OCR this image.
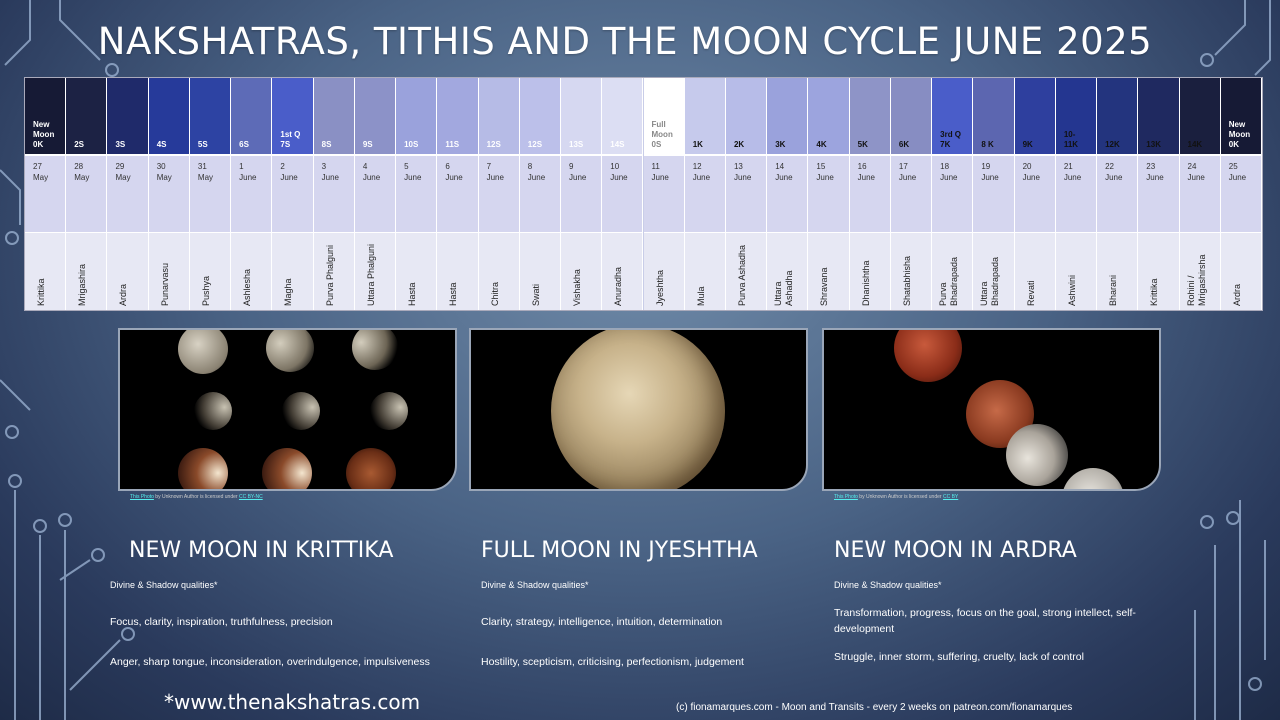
NAKSHATRAS, TITHIS AND THE MOON CYCLE JUNE 2025
New
Moon
0K
27
May
Krittika
2S
28
May
Mrigashira
3S
29
May
Ardra
4S
30
May
Punarvasu
5S
31
May
Pushya
6S
1
June
Ashlesha
1st Q
7S
2
June
Magha
8S
3
June
Purva Phalguni
9S
4
June
Uttara Phalguni
10S
5
June
Hasta
11S
6
June
Hasta
12S
7
June
Chitra
12S
8
June
Swati
13S
9
June
Vishakha
14S
10
June
Anuradha
Full
Moon
0S
11
June
Jyeshtha
1K
12
June
Mula
2K
13
June
Purva Ashadha
3K
14
June
Uttara Ashadha
4K
15
June
Shravana
5K
16
June
Dhanishtha
6K
17
June
Shatabhisha
3rd Q
7K
18
June
Purva Bhadrapada
8 K
19
June
Uttara Bhadrapada
9K
20
June
Revati
10-
11K
21
June
Ashwini
12K
22
June
Bharani
13K
23
June
Krittika
14K
24
June
Rohini / Mrigashirsha
New
Moon
0K
25
June
Ardra
This Photo by Unknown Author is licensed under CC BY-NC	This Photo by Unknown Author is licensed under CC BY
NEW MOON IN KRITTIKA
Divine & Shadow qualities*
Focus, clarity, inspiration, truthfulness, precision
Anger, sharp tongue, inconsideration, overindulgence, impulsiveness
FULL MOON IN JYESHTHA
Divine & Shadow qualities*
Clarity, strategy, intelligence, intuition, determination
Hostility, scepticism, criticising, perfectionism, judgement
NEW MOON IN ARDRA
Divine & Shadow qualities*
Transformation, progress, focus on the goal, strong intellect, self-development
Struggle, inner storm, suffering, cruelty, lack of control
*www.thenakshatras.com	(c) fionamarques.com - Moon and Transits - every 2 weeks on patreon.com/fionamarques
